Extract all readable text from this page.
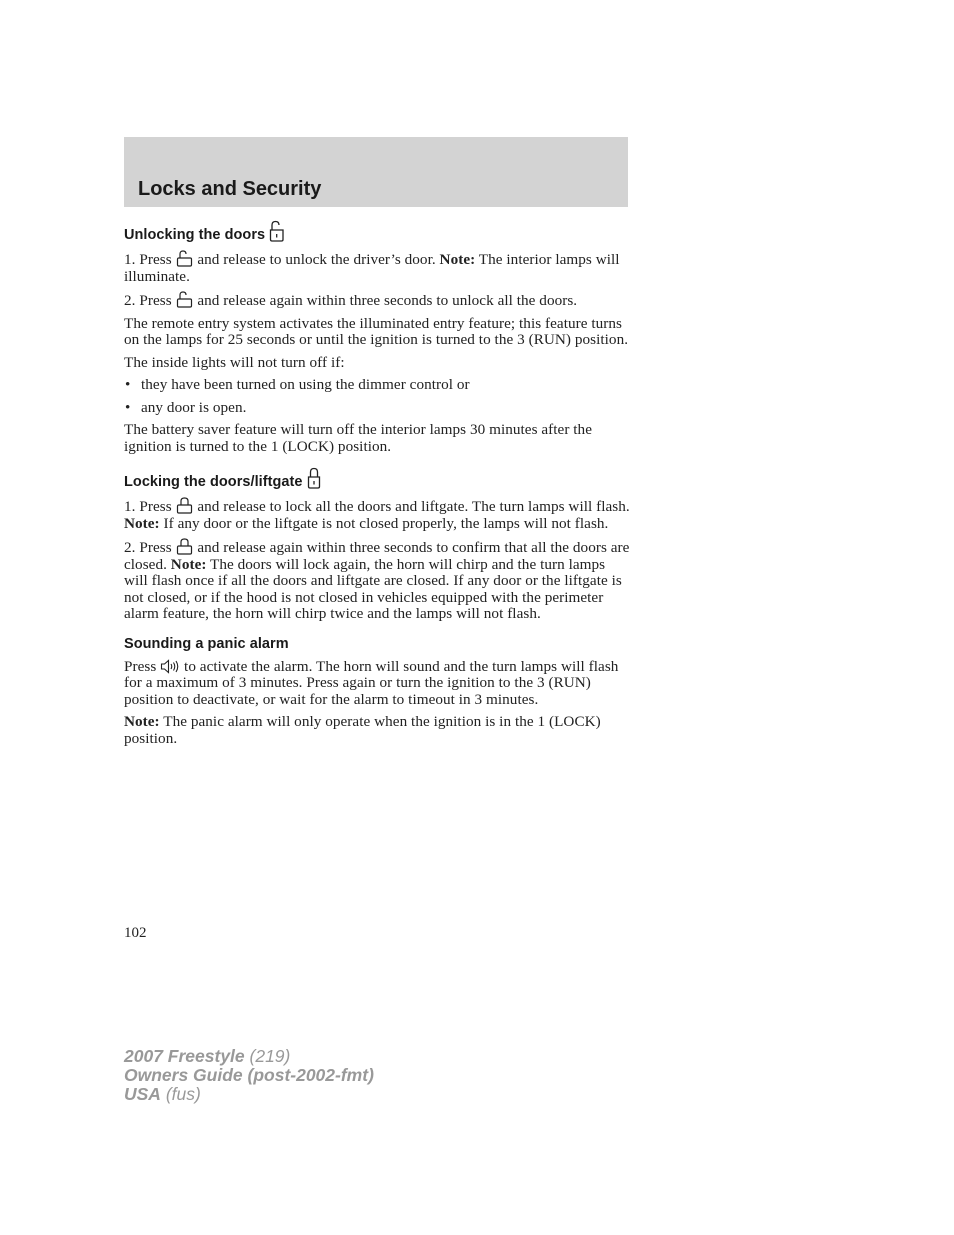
Locks and Security
Unlocking the doors

1. Press
and release to unlock the driver’s door. Note: The interior lamps will illuminate.

2. Press
and release again within three seconds to unlock all the doors.

The remote entry system activates the illuminated entry feature; this feature turns on the lamps for 25 seconds or until the ignition is turned to the 3 (RUN) position.

The inside lights will not turn off if:

• they have been turned on using the dimmer control or

• any door is open.

The battery saver feature will turn off the interior lamps 30 minutes after the ignition is turned to the 1 (LOCK) position.

Locking the doors/liftgate

1. Press
and release to lock all the doors and liftgate. The turn lamps will flash. Note: If any door or the liftgate is not closed properly, the lamps will not flash.

2. Press
and release again within three seconds to confirm that all the doors are closed. Note: The doors will lock again, the horn will chirp and the turn lamps will flash once if all the doors and liftgate are closed. If any door or the liftgate is not closed, or if the hood is not closed in vehicles equipped with the perimeter alarm feature, the horn will chirp twice and the lamps will not flash.

Sounding a panic alarm

Press
to activate the alarm. The horn will sound and the turn lamps will flash for a maximum of 3 minutes. Press again or turn the ignition to the 3 (RUN) position to deactivate, or wait for the alarm to timeout in 3 minutes.

Note: The panic alarm will only operate when the ignition is in the 1 (LOCK) position.

102
2007 Freestyle (219)
Owners Guide (post-2002-fmt)
USA (fus)
